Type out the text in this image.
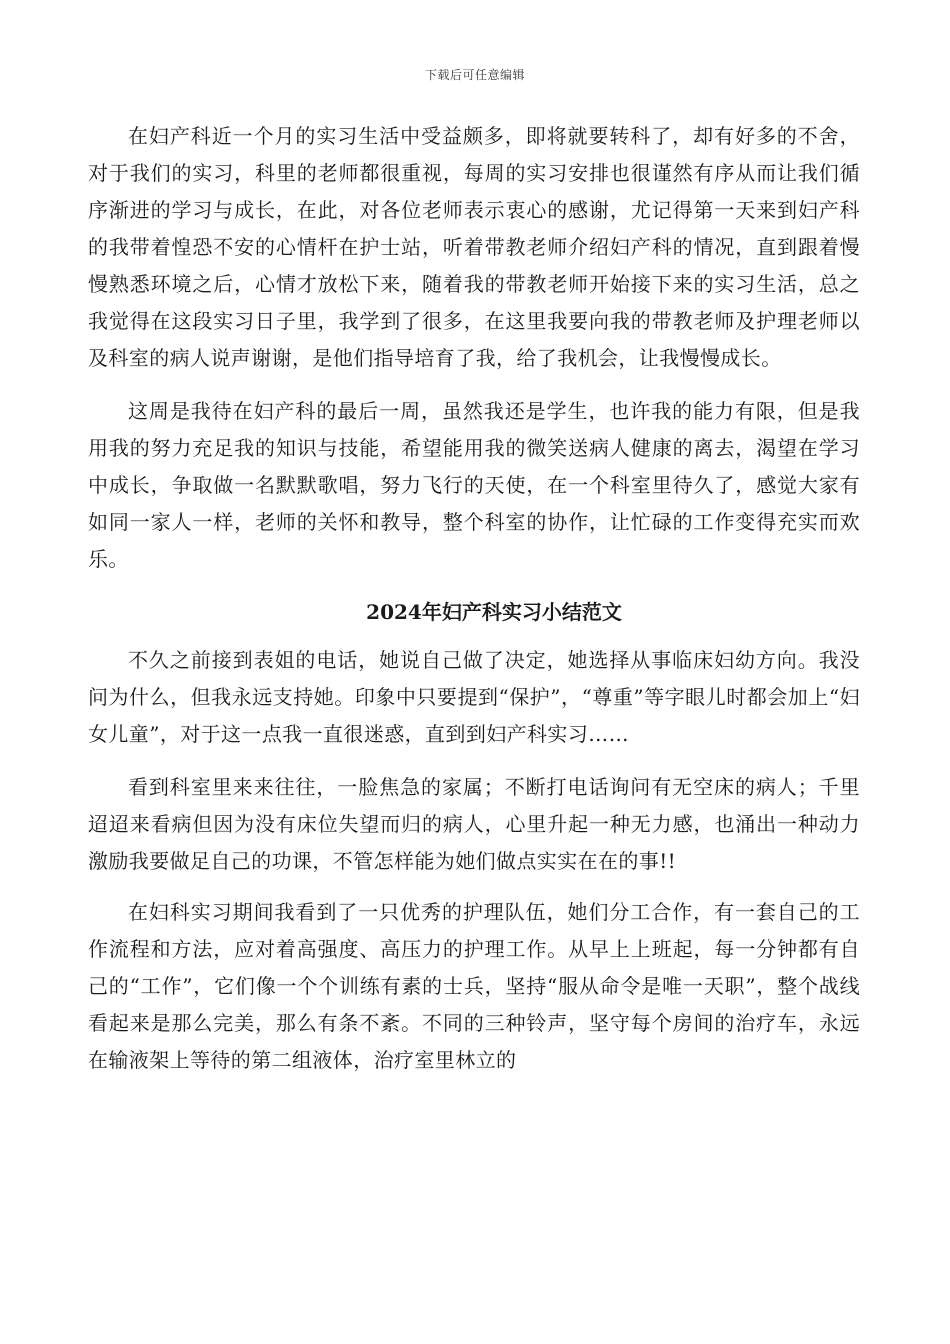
下载后可任意编辑

在妇产科近一个月的实习生活中受益颇多，即将就要转科了，却有好多的不舍，对于我们的实习，科里的老师都很重视，每周的实习安排也很谨然有序从而让我们循序渐进的学习与成长，在此，对各位老师表示衷心的感谢，尤记得第一天来到妇产科的我带着惶恐不安的心情杆在护士站，听着带教老师介绍妇产科的情况，直到跟着慢慢熟悉环境之后，心情才放松下来，随着我的带教老师开始接下来的实习生活，总之我觉得在这段实习日子里，我学到了很多，在这里我要向我的带教老师及护理老师以及科室的病人说声谢谢，是他们指导培育了我，给了我机会，让我慢慢成长。

这周是我待在妇产科的最后一周，虽然我还是学生，也许我的能力有限，但是我用我的努力充足我的知识与技能，希望能用我的微笑送病人健康的离去，渴望在学习中成长，争取做一名默默歌唱，努力飞行的天使，在一个科室里待久了，感觉大家有如同一家人一样，老师的关怀和教导，整个科室的协作，让忙碌的工作变得充实而欢乐。

2024年妇产科实习小结范文

不久之前接到表姐的电话，她说自己做了决定，她选择从事临床妇幼方向。我没问为什么，但我永远支持她。印象中只要提到“保护”，“尊重”等字眼儿时都会加上“妇女儿童”，对于这一点我一直很迷惑，直到到妇产科实习……

看到科室里来来往往，一脸焦急的家属；不断打电话询问有无空床的病人；千里迢迢来看病但因为没有床位失望而归的病人，心里升起一种无力感，也涌出一种动力激励我要做足自己的功课，不管怎样能为她们做点实实在在的事!!

在妇科实习期间我看到了一只优秀的护理队伍，她们分工合作，有一套自己的工作流程和方法，应对着高强度、高压力的护理工作。从早上上班起，每一分钟都有自己的“工作”，它们像一个个训练有素的士兵，坚持“服从命令是唯一天职”，整个战线看起来是那么完美，那么有条不紊。不同的三种铃声，坚守每个房间的治疗车，永远在输液架上等待的第二组液体，治疗室里林立的
